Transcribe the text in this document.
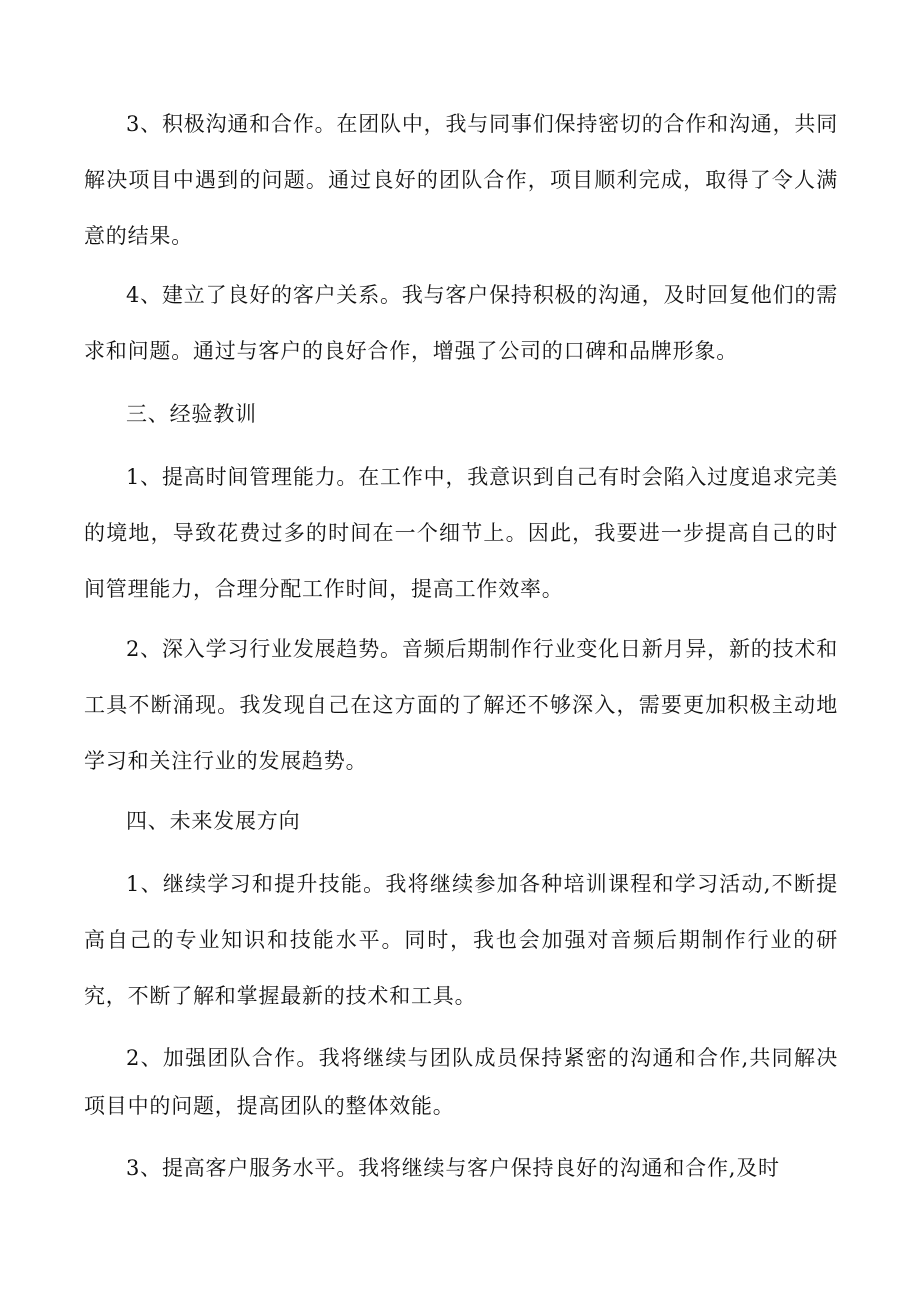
3、积极沟通和合作。在团队中，我与同事们保持密切的合作和沟通，共同解决项目中遇到的问题。通过良好的团队合作，项目顺利完成，取得了令人满意的结果。

4、建立了良好的客户关系。我与客户保持积极的沟通，及时回复他们的需求和问题。通过与客户的良好合作，增强了公司的口碑和品牌形象。

三、经验教训

1、提高时间管理能力。在工作中，我意识到自己有时会陷入过度追求完美的境地，导致花费过多的时间在一个细节上。因此，我要进一步提高自己的时间管理能力，合理分配工作时间，提高工作效率。

2、深入学习行业发展趋势。音频后期制作行业变化日新月异，新的技术和工具不断涌现。我发现自己在这方面的了解还不够深入，需要更加积极主动地学习和关注行业的发展趋势。

四、未来发展方向

1、继续学习和提升技能。我将继续参加各种培训课程和学习活动,不断提高自己的专业知识和技能水平。同时，我也会加强对音频后期制作行业的研究，不断了解和掌握最新的技术和工具。

2、加强团队合作。我将继续与团队成员保持紧密的沟通和合作,共同解决项目中的问题，提高团队的整体效能。

3、提高客户服务水平。我将继续与客户保持良好的沟通和合作,及时
